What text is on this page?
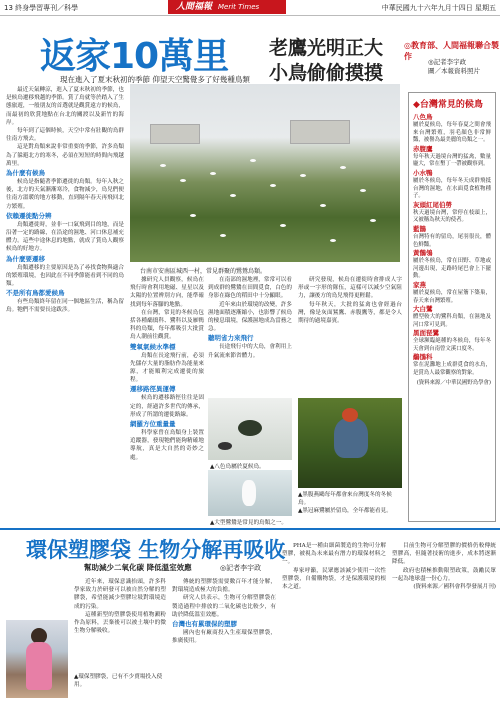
13 終身學習專刊／科學	人間福報 Merit Times	中華民國九十六年九月十四日 星期五
返家10萬里	老鷹光明正大
小鳥偷偷摸摸
◎教育部、人間福報聯合製作
◎記者李宇政
圖／本報資料照片
現在進入了夏末秋初的季節 仰望天空驚覺多了好幾種鳥類

最近天氣轉涼，進入了夏末秋初的季節，也是候鳥遷移飛越的季節。賞了鳥就等於踏入了生態旅遊，一般朋友的首選就是觀賞遠方的候鳥，而最初的欣賞地點在台北的關渡以及新竹的海岸。

每年到了這個時候，天空中常有壯觀的鳥群往南方飛去。

這是對鳥類來說非常重要的季節，許多鳥類為了躲避北方的寒冬，必須在短短的時間內飛越萬里。

為什麼有候鳥

候鳥是指隨著季節遷徙的鳥類。每年入秋之後，北方的天氣漸漸寒冷，食物減少，鳥兒們便往南方溫暖的地方移動，直到隔年春天再飛回北方繁殖。

依賴遷徙點分辨

鳥類遷徙時，並非一口氣飛到目的地，而是沿著一定的路線，在沿途的濕地、河口休息補充體力。這些中途休息的地點，就成了賞鳥人觀察候鳥的好地方。

為什麼要遷移

鳥類遷移的主要原因是為了尋找食物與適合的繁殖環境，也因此在不同季節能看到不同的鳥類。

不是所有鳥都愛候鳥

有些鳥類終年留在同一個地區生活，稱為留鳥。牠們不需要長途跋涉。

台南市安南區城西一村，常見群聚的鷺鷥鳥類。

據研究人員觀察，候鳥在飛行時會利用地磁、星星以及太陽的位置辨別方向，能準確找到每年落腳的地點。

在台灣，常見的冬候鳥包括各種鷸鴴科、鷺科以及雁鴨科的鳥類，每年都吸引大批賞鳥人潮前往觀賞。

雙氧氣候水準標

鳥類在長途飛行前，必須先儲存大量的脂肪作為能量來源，才能順利完成遷徙的旅程。

遷移路徑異運傳

候鳥的遷移路徑往往是固定的，經過許多世代的傳承，形成了所謂的遷徙路線。

網羅方位重量量

科學家曾在鳥類身上裝置追蹤器，發現牠們能夠精確地導航，真是大自然的奇妙之處。

在南部的濕地裡，常常可以看到成群的鷺鷥在田間覓食，白色的身影在綠色的稻田中十分顯眼。

近年來由於環境的改變，許多濕地面積逐漸縮小，也影響了候鳥的棲息環境，保護濕地成為當務之急。

聽明省力來飛行

長途飛行中的大鳥，會利用上升氣流來節省體力。

研究發現，候鳥在遷徙時會排成人字形或一字形的隊伍，這樣可以減少空氣阻力，讓後方的鳥兒飛得更輕鬆。

每年秋天，大批的猛禽也會經過台灣，像是灰面鵟鷹、赤腹鷹等，都是令人期待的過境嘉賓。

▲八色鳥屬於夏候鳥。
▲黑腹燕鷗每年都會來台灣度冬的冬候鳥。
▲大型鷺鷥是常見的鳥類之一。
▲黑冠麻鷺屬於留鳥，全年都能看見。
◆台灣常見的候鳥
八色鳥
屬於夏候鳥，每年春夏之間會飛來台灣繁殖，羽毛顏色非常鮮豔，被譽為最美麗的鳥類之一。
赤腹鷹
每年秋天過境台灣的猛禽，數量龐大，常在墾丁一帶被觀察到。
小水鴨
屬於冬候鳥，每年冬天成群飛抵台灣的濕地，在水面覓食植物種子。
灰頭紅尾伯勞
秋天過境台灣，常停在枝頭上，又被稱為秋天的使者。
藍鵲
台灣特有的留鳥，尾羽很長，體色鮮豔。
黃鶺鴒
屬於冬候鳥，常在田野、草地或河邊出現，走路時尾巴會上下擺動。
家燕
屬於夏候鳥，常在屋簷下築巢，春天來台灣繁殖。
大白鷺
體型較大的鷺科鳥類，在濕地及河口常可見到。
黑面琵鷺
全球瀕臨絕種的冬候鳥，每年冬天會到台南曾文溪口度冬。
鷸鴴科
常在泥灘地上成群覓食的水鳥，是賞鳥人最常觀察的對象。
(資料來源／中華民國野鳥學會)
環保塑膠袋 生物分解再吸收
幫助減少二氧化碳 降低溫室效應	◎記者李宇政

近年來，環保意識抬頭，許多科學家致力於研發可以被自然分解的塑膠袋，希望能減少塑膠垃圾對環境造成的污染。

這種新型的塑膠袋使用植物澱粉作為原料，丟棄後可以被土壤中的微生物分解吸收。

▲環保塑膠袋，已有不少賣場投入使用。

傳統的塑膠袋需要數百年才能分解，對環境造成極大的負擔。

研究人員表示，生物可分解塑膠袋在製造過程中排放的二氧化碳也比較少，有助於降低溫室效應。

台灣也有累環保的塑膠

國內也有廠商投入生產環保塑膠袋，推廣使用。

PHA是一種由細菌製造的生物可分解塑膠，被視為未來最有潛力的環保材料之一。

專家呼籲，民眾應該減少使用一次性塑膠袋，自備購物袋，才是保護環境的根本之道。

目前生物可分解塑膠的價格仍較傳統塑膠高，但隨著技術的進步，成本將逐漸降低。

政府也積極推動限塑政策，鼓勵民眾一起為地球盡一份心力。

(資料來源／國科會科學發展月刊)
